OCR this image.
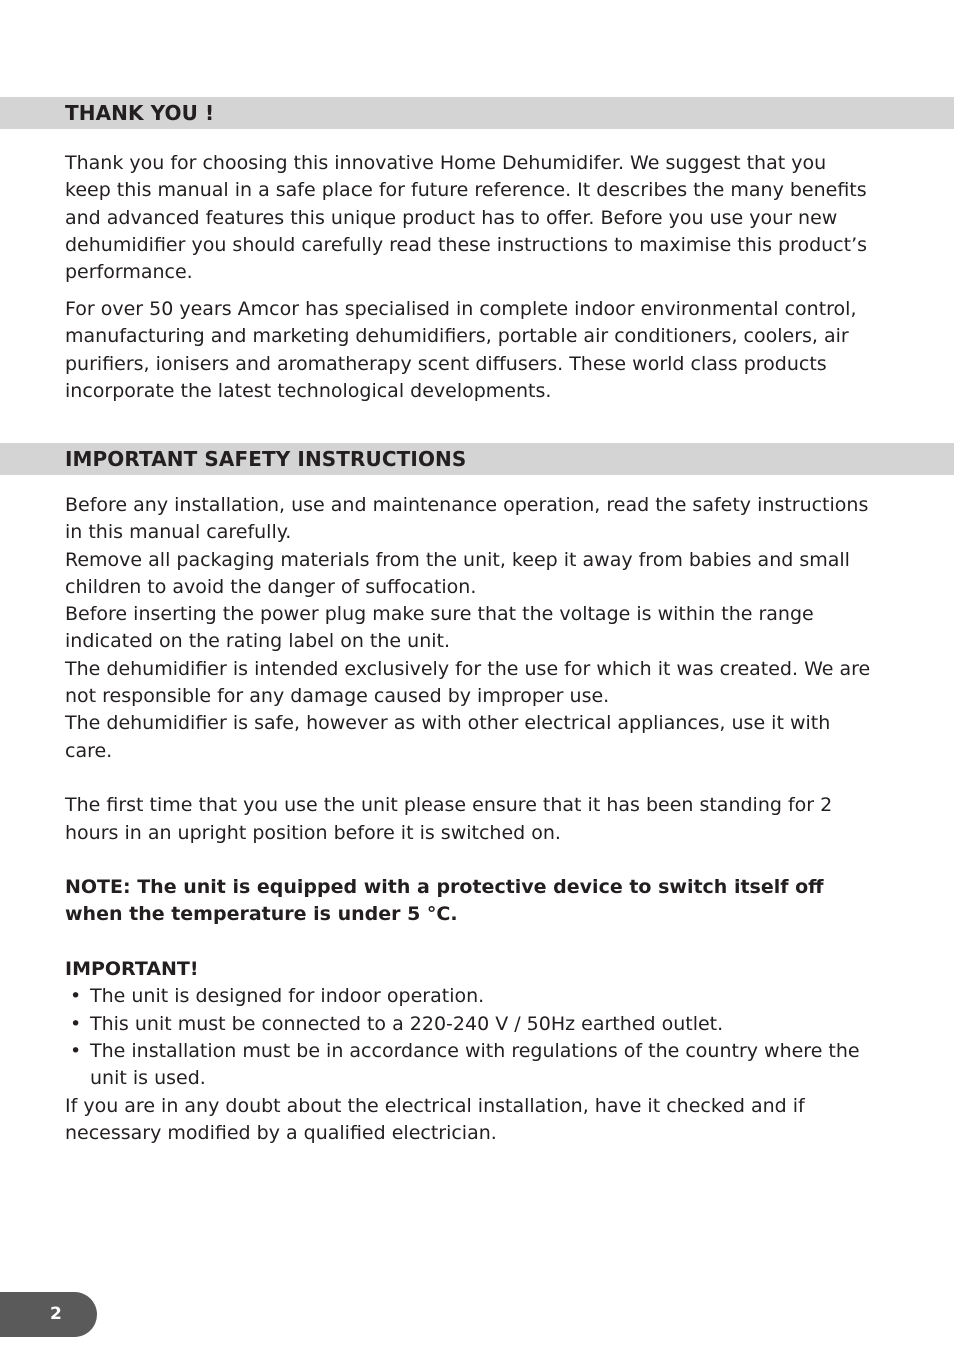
THANK YOU !

Thank you for choosing this innovative Home Dehumidifer. We suggest that you keep this manual in a safe place for future reference. It describes the many benefits and advanced features this unique product has to offer. Before you use your new dehumidifier you should carefully read these instructions to maximise this product’s performance.

For over 50 years Amcor has specialised in complete indoor environmental control, manufacturing and marketing dehumidifiers, portable air conditioners, coolers, air purifiers, ionisers and aromatherapy scent diffusers. These world class products incorporate the latest technological developments.

IMPORTANT SAFETY INSTRUCTIONS

Before any installation, use and maintenance operation, read the safety instructions in this manual carefully.

Remove all packaging materials from the unit, keep it away from babies and small children to avoid the danger of suffocation.

Before inserting the power plug make sure that the voltage is within the range indicated on the rating label on the unit.

The dehumidifier is intended exclusively for the use for which it was created. We are not responsible for any damage caused by improper use.

The dehumidifier is safe, however as with other electrical appliances, use it with care.

The first time that you use the unit please ensure that it has been standing for 2 hours in an upright position before it is switched on.

NOTE: The unit is equipped with a protective device to switch itself off when the temperature is under 5 °C.

IMPORTANT!

• The unit is designed for indoor operation.
• This unit must be connected to a 220-240 V / 50Hz earthed outlet.
• The installation must be in accordance with regulations of the country where the unit is used.

If you are in any doubt about the electrical installation, have it checked and if necessary modified by a qualified electrician.

2
